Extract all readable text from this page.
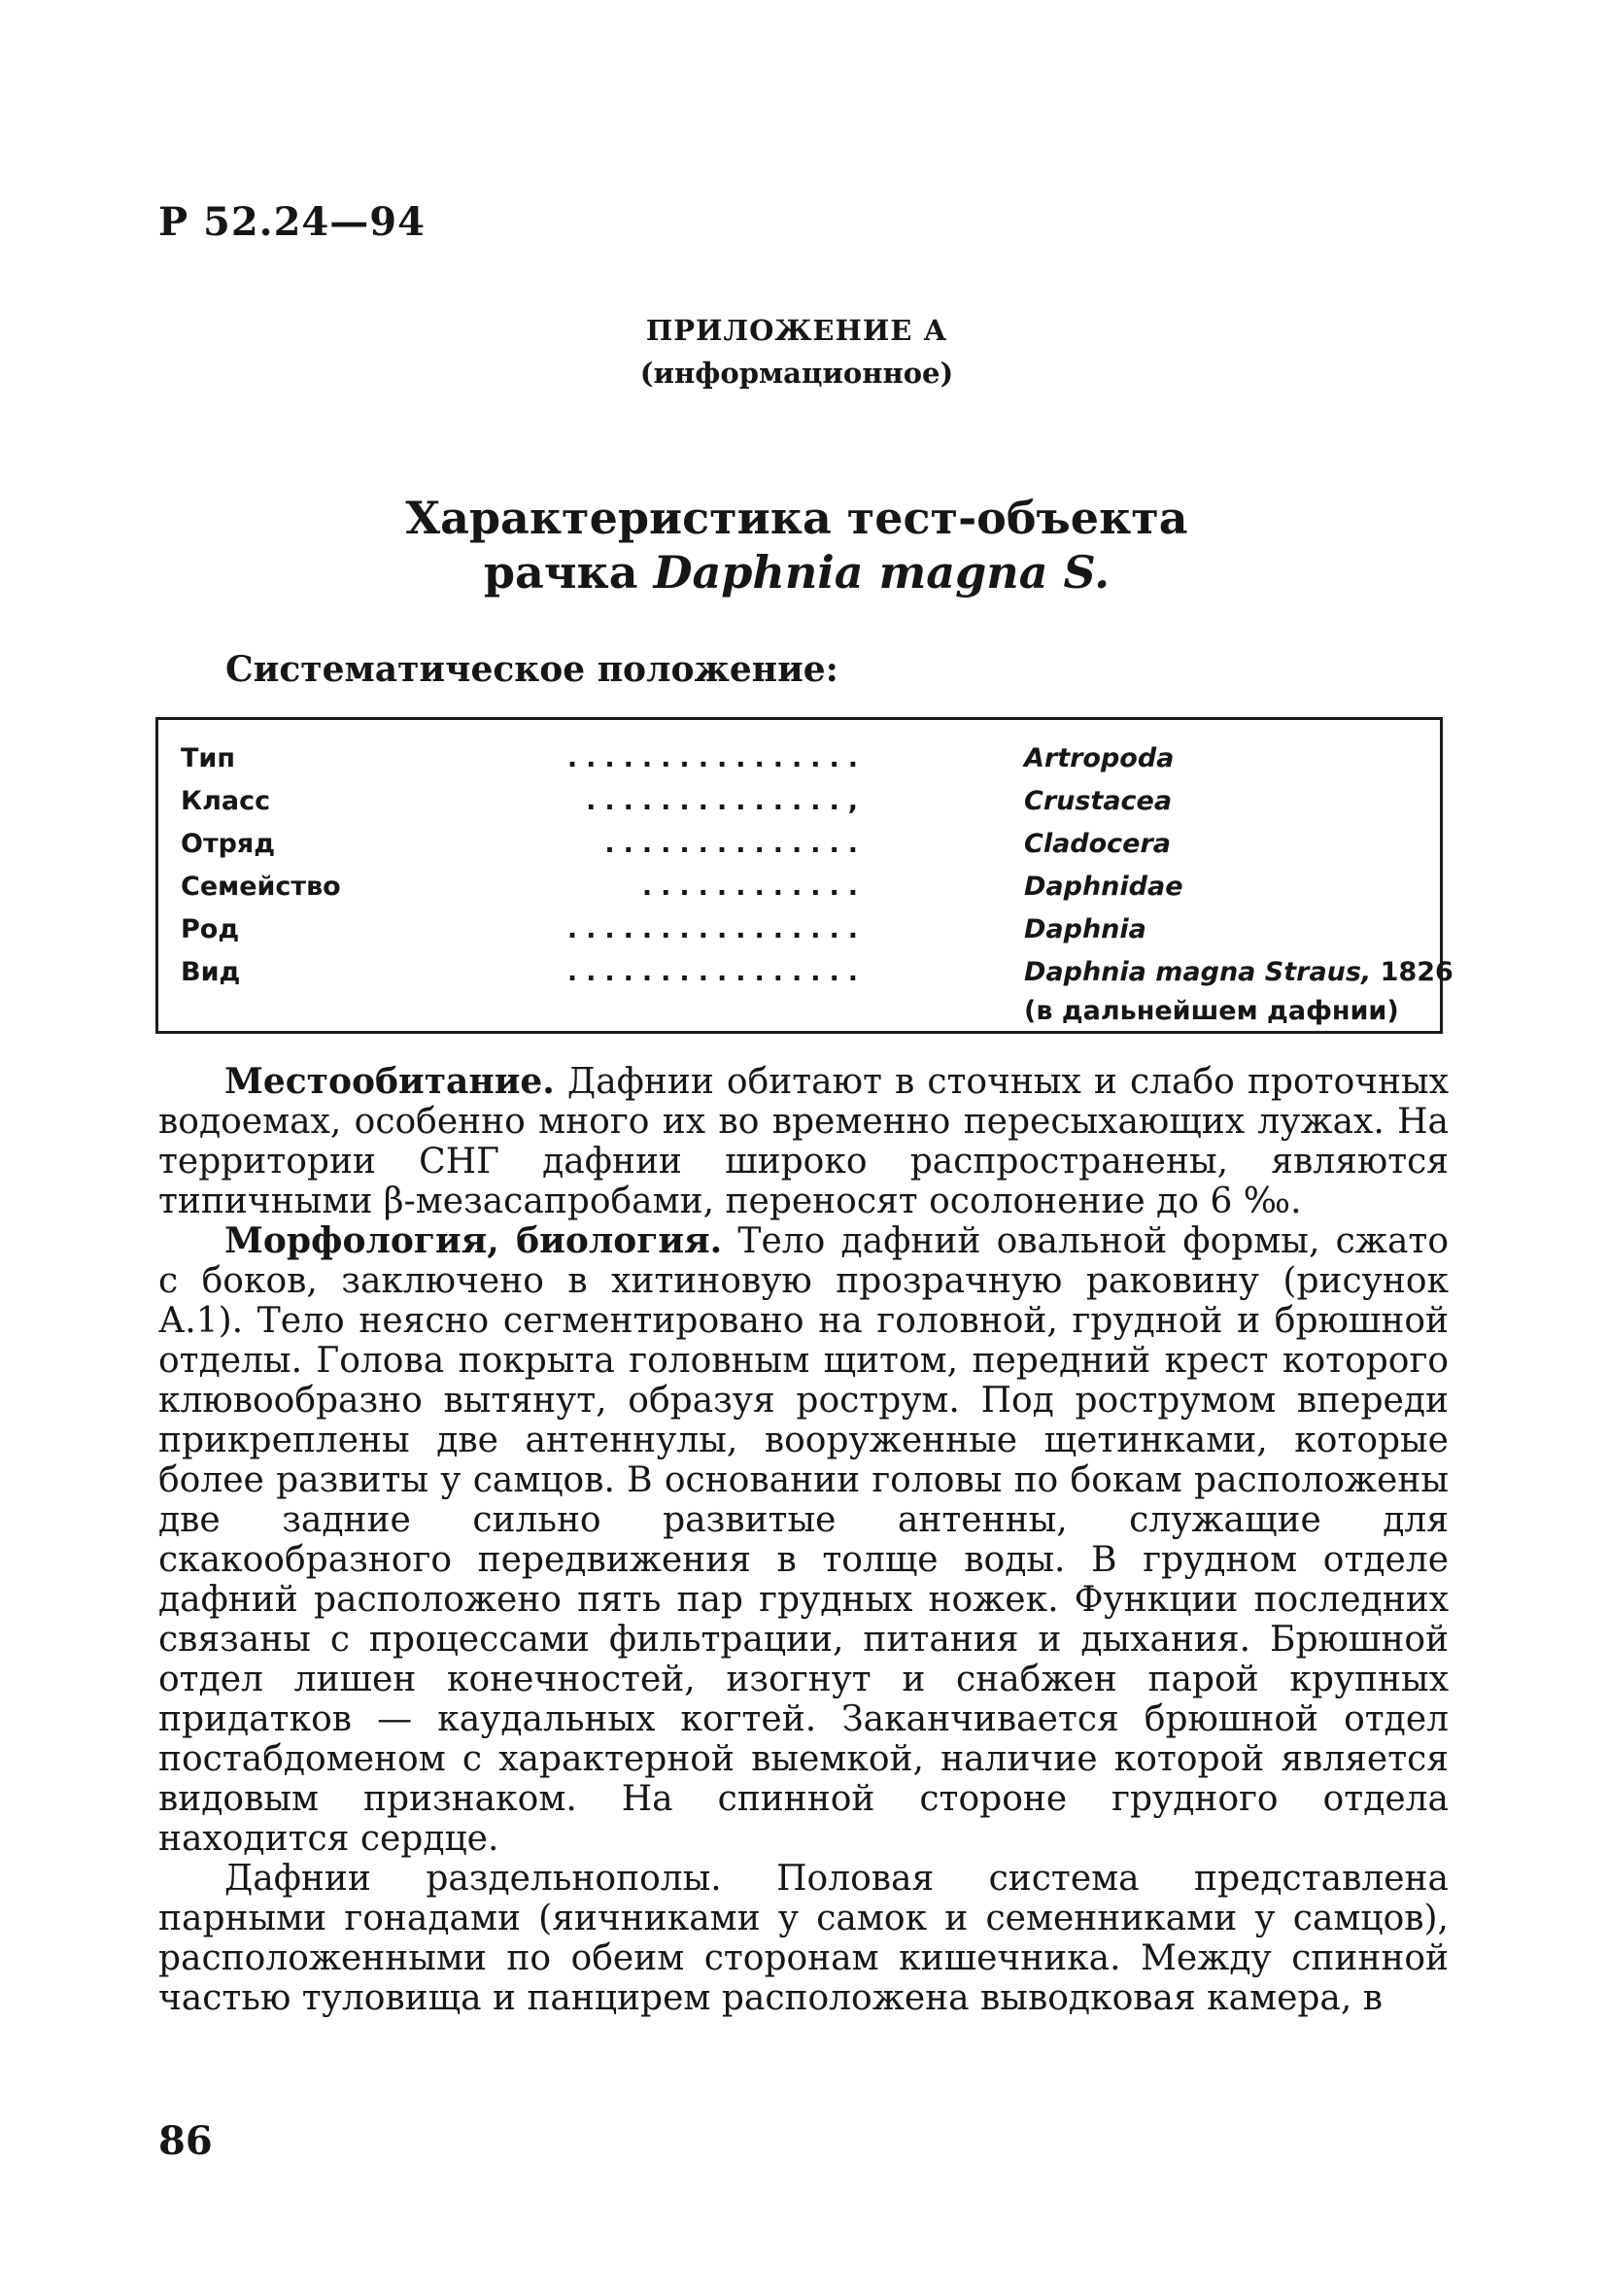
Р 52.24—94
ПРИЛОЖЕНИЕ А
(информационное)
Характеристика тест-объекта
рачка Daphnia magna S.
Систематическое положение:
Тип	................	Artropoda
Класс	..............,	Crustacea
Отряд	..............	Cladocera
Семейство	............	Daphnidae
Род	................	Daphnia
Вид	................	Daphnia magna Straus, 1826
(в дальнейшем дафнии)

Местообитание. Дафнии обитают в сточных и слабо проточных водоемах, особенно много их во временно пересыхающих лужах. На территории СНГ дафнии широко распространены, являются типичными β-мезасапробами, переносят осолонение до 6 ‰.

Морфология, биология. Тело дафний овальной формы, сжато с боков, заключено в хитиновую прозрачную раковину (рисунок А.1). Тело неясно сегментировано на головной, грудной и брюшной отделы. Голова покрыта головным щитом, передний крест которого клювообразно вытянут, образуя рострум. Под рострумом впереди прикреплены две антеннулы, вооруженные щетинками, которые более развиты у самцов. В основании головы по бокам расположены две задние сильно развитые антенны, служащие для скакообразного передвижения в толще воды. В грудном отделе дафний расположено пять пар грудных ножек. Функции последних связаны с процессами фильтрации, питания и дыхания. Брюшной отдел лишен конечностей, изогнут и снабжен парой крупных придатков — каудальных когтей. Заканчивается брюшной отдел постабдоменом с характерной выемкой, наличие которой является видовым признаком. На спинной стороне грудного отдела находится сердце.

Дафнии раздельнополы. Половая система представлена парными гонадами (яичниками у самок и семенниками у самцов), расположенными по обеим сторонам кишечника. Между спинной частью туловища и панцирем расположена выводковая камера, в

86
